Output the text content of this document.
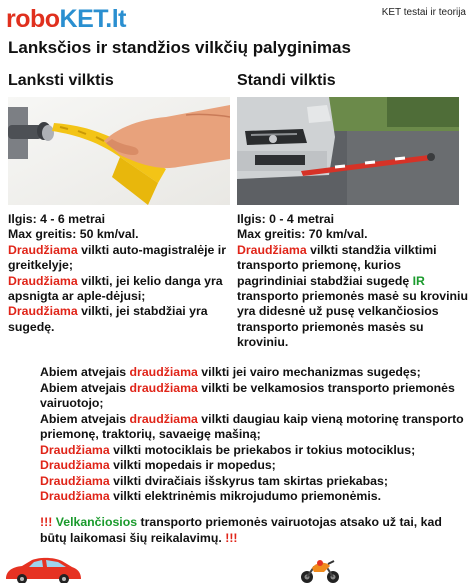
roboKET.lt	KET testai ir teorija
Lanksčios ir standžios vilkčių palyginimas
Lanksti vilktis	Standi vilktis

Ilgis: 4 - 6 metrai

Max greitis: 50 km/val.

Draudžiama vilkti auto-magistralėje ir greitkelyje;

Draudžiama vilkti, jei kelio danga yra apsnigta ar aple-dėjusi;

Draudžiama vilkti, jei stabdžiai yra sugedę.

Ilgis: 0 - 4 metrai

Max greitis: 70 km/val.

Draudžiama vilkti standžia vilktimi transporto priemonę, kurios pagrindiniai stabdžiai sugedę IR transporto priemonės masė su kroviniu yra didesnė už pusę velkančiosios transporto priemonės masės su kroviniu.

Abiem atvejais draudžiama vilkti jei vairo mechanizmas sugedęs;
Abiem atvejais draudžiama vilkti be velkamosios transporto priemonės vairuotojo;
Abiem atvejais draudžiama vilkti daugiau kaip vieną motorinę transporto priemonę, traktorių, savaeigę mašiną;
Draudžiama vilkti motociklais be priekabos ir tokius motociklus;
Draudžiama vilkti mopedais ir mopedus;
Draudžiama vilkti dviračiais išskyrus tam skirtas priekabas;
Draudžiama vilkti elektrinėmis mikrojudumo priemonėmis.

!!! Velkančiosios transporto priemonės vairuotojas atsako už tai, kad būtų laikomasi šių reikalavimų. !!!
